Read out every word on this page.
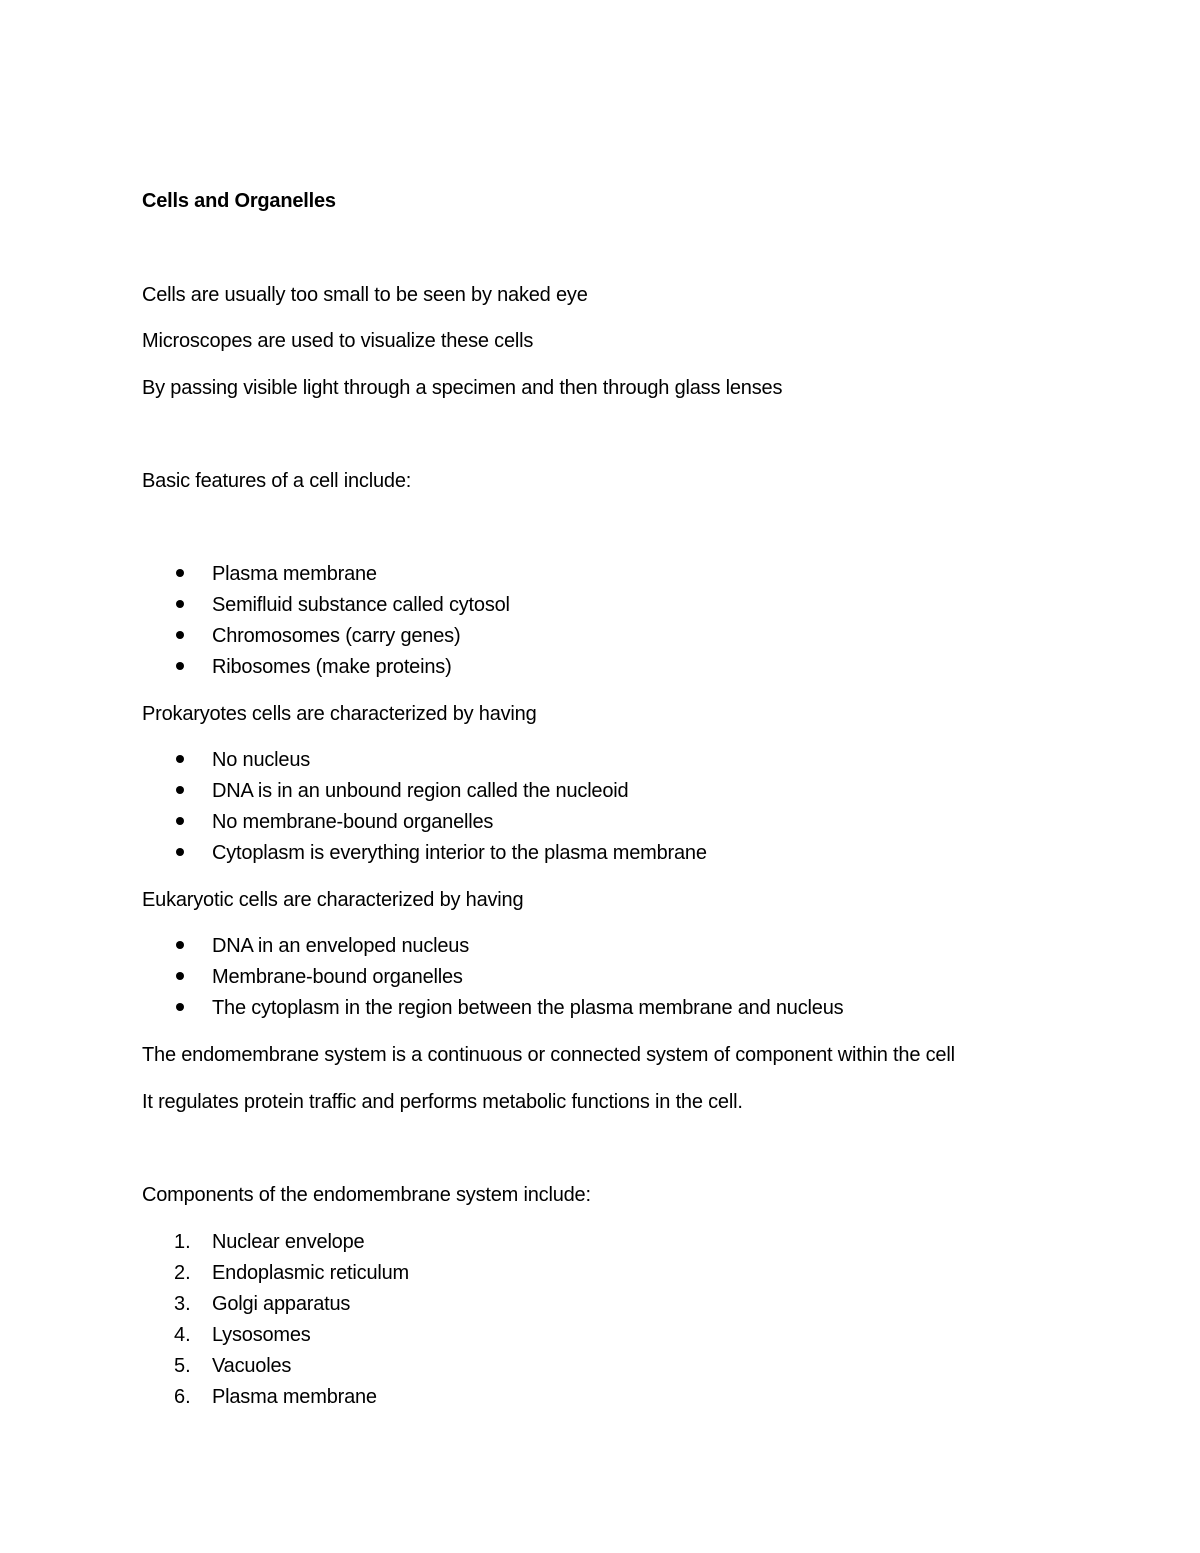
Cells and Organelles
Cells are usually too small to be seen by naked eye
Microscopes are used to visualize these cells
By passing visible light through a specimen and then through glass lenses
Basic features of a cell include:
Plasma membrane
Semifluid substance called cytosol
Chromosomes (carry genes)
Ribosomes (make proteins)
Prokaryotes cells are characterized by having
No nucleus
DNA is in an unbound region called the nucleoid
No membrane-bound organelles
Cytoplasm is everything interior to the plasma membrane
Eukaryotic cells are characterized by having
DNA in an enveloped nucleus
Membrane-bound organelles
The cytoplasm in the region between the plasma membrane and nucleus
The endomembrane system is a continuous or connected system of component within the cell
It regulates protein traffic and performs metabolic functions in the cell.
Components of the endomembrane system include:
1. Nuclear envelope
2. Endoplasmic reticulum
3. Golgi apparatus
4. Lysosomes
5. Vacuoles
6. Plasma membrane
